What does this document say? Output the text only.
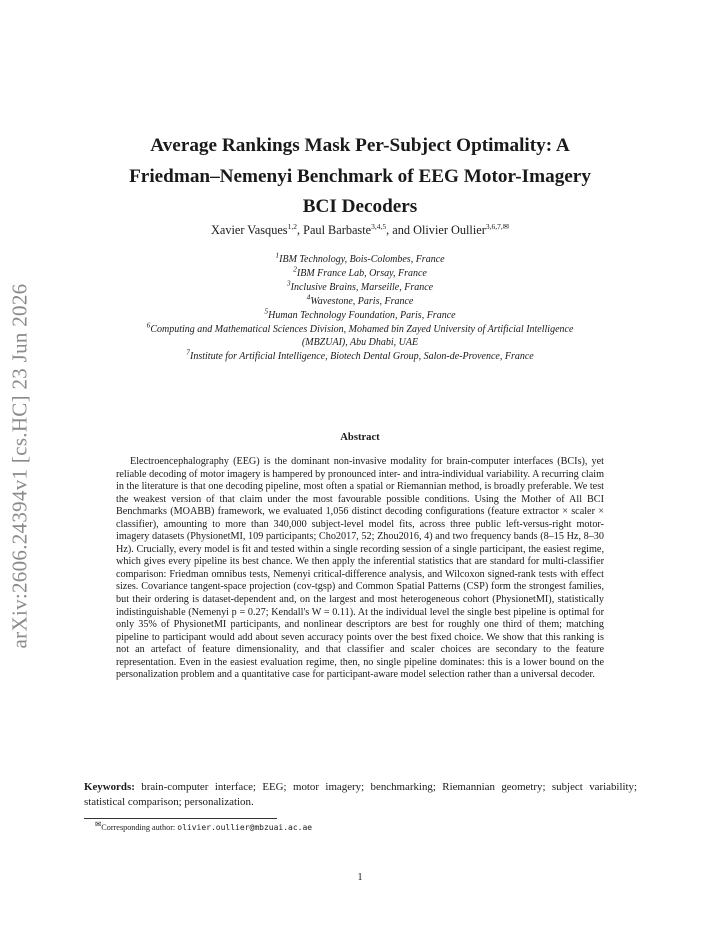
arXiv:2606.24394v1 [cs.HC] 23 Jun 2026
Average Rankings Mask Per-Subject Optimality: A
Friedman–Nemenyi Benchmark of EEG Motor-Imagery
BCI Decoders
Xavier Vasques$^{1,2}$, Paul Barbaste$^{3,4,5}$, and Olivier Oullier$^{3,6,7,✉}$
$^1$IBM Technology, Bois-Colombes, France
$^2$IBM France Lab, Orsay, France
$^3$Inclusive Brains, Marseille, France
$^4$Wavestone, Paris, France
$^5$Human Technology Foundation, Paris, France
$^6$Computing and Mathematical Sciences Division, Mohamed bin Zayed University of Artificial Intelligence
(MBZUAI), Abu Dhabi, UAE
$^7$Institute for Artificial Intelligence, Biotech Dental Group, Salon-de-Provence, France
Abstract

Electroencephalography (EEG) is the dominant non-invasive modality for brain-computer interfaces (BCIs), yet reliable decoding of motor imagery is hampered by pronounced inter- and intra-individual variability. A recurring claim in the literature is that one decoding pipeline, most often a spatial or Riemannian method, is broadly preferable. We test the weakest version of that claim under the most favourable possible conditions. Using the Mother of All BCI Benchmarks (MOABB) framework, we evaluated 1,056 distinct decoding configurations (feature extractor × scaler × classifier), amounting to more than 340,000 subject-level model fits, across three public left-versus-right motor-imagery datasets (PhysionetMI, 109 participants; Cho2017, 52; Zhou2016, 4) and two frequency bands (8–15 Hz, 8–30 Hz). Crucially, every model is fit and tested within a single recording session of a single participant, the easiest regime, which gives every pipeline its best chance. We then apply the inferential statistics that are standard for multi-classifier comparison: Friedman omnibus tests, Nemenyi critical-difference analysis, and Wilcoxon signed-rank tests with effect sizes. Covariance tangent-space projection (cov-tgsp) and Common Spatial Patterns (CSP) form the strongest families, but their ordering is dataset-dependent and, on the largest and most heterogeneous cohort (PhysionetMI), statistically indistinguishable (Nemenyi p = 0.27; Kendall's W = 0.11). At the individual level the single best pipeline is optimal for only 35% of PhysionetMI participants, and nonlinear descriptors are best for roughly one third of them; matching pipeline to participant would add about seven accuracy points over the best fixed choice. We show that this ranking is not an artefact of feature dimensionality, and that classifier and scaler choices are secondary to the feature representation. Even in the easiest evaluation regime, then, no single pipeline dominates: this is a lower bound on the personalization problem and a quantitative case for participant-aware model selection rather than a universal decoder.

Keywords: brain-computer interface; EEG; motor imagery; benchmarking; Riemannian geometry; subject variability; statistical comparison; personalization.

✉Corresponding author: olivier.oullier@mbzuai.ac.ae
1
